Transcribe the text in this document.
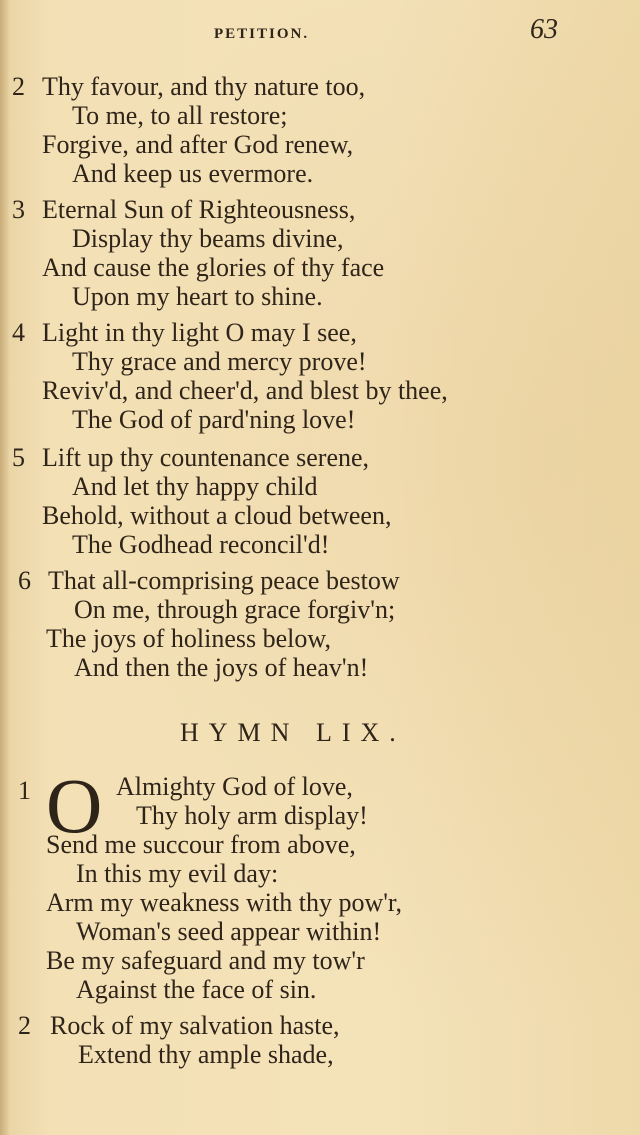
PETITION.	63
2 Thy favour, and thy nature too,
To me, to all restore;
Forgive, and after God renew,
And keep us evermore.
3 Eternal Sun of Righteousness,
Display thy beams divine,
And cause the glories of thy face
Upon my heart to shine.
4 Light in thy light O may I see,
Thy grace and mercy prove!
Reviv'd, and cheer'd, and blest by thee,
The God of pard'ning love!
5 Lift up thy countenance serene,
And let thy happy child
Behold, without a cloud between,
The Godhead reconcil'd!
6 That all-comprising peace bestow
On me, through grace forgiv'n;
The joys of holiness below,
And then the joys of heav'n!
HYMN LIX.
1 O Almighty God of love,
Thy holy arm display!
Send me succour from above,
In this my evil day:
Arm my weakness with thy pow'r,
Woman's seed appear within!
Be my safeguard and my tow'r
Against the face of sin.
2 Rock of my salvation haste,
Extend thy ample shade,
